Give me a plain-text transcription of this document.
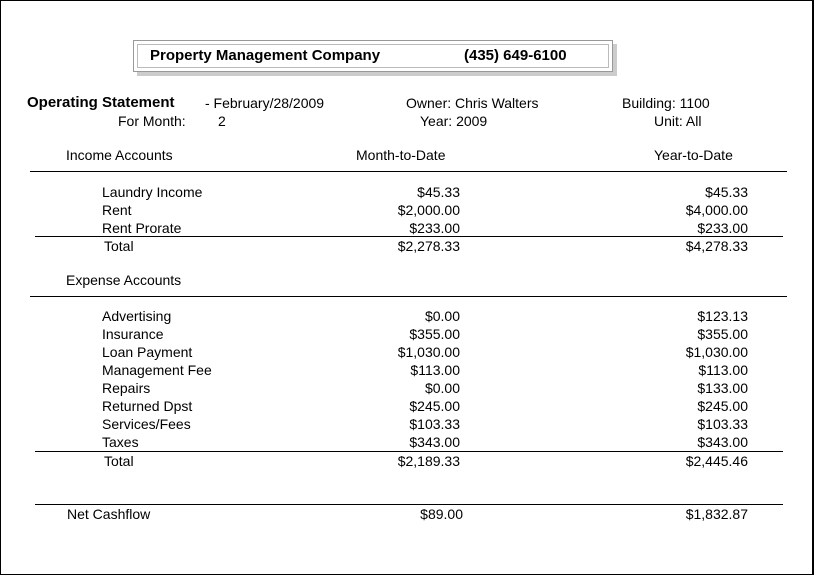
Property Management Company	(435) 649-6100
Operating Statement - February/28/2009
For Month: 2
Owner: Chris Walters
Year: 2009
Building: 1100
Unit: All
Income Accounts	Month-to-Date	Year-to-Date
Laundry Income	$45.33	$45.33
Rent	$2,000.00	$4,000.00
Rent Prorate	$233.00	$233.00
Total	$2,278.33	$4,278.33
Expense Accounts
Advertising	$0.00	$123.13
Insurance	$355.00	$355.00
Loan Payment	$1,030.00	$1,030.00
Management Fee	$113.00	$113.00
Repairs	$0.00	$133.00
Returned Dpst	$245.00	$245.00
Services/Fees	$103.33	$103.33
Taxes	$343.00	$343.00
Total	$2,189.33	$2,445.46
Net Cashflow	$89.00	$1,832.87
